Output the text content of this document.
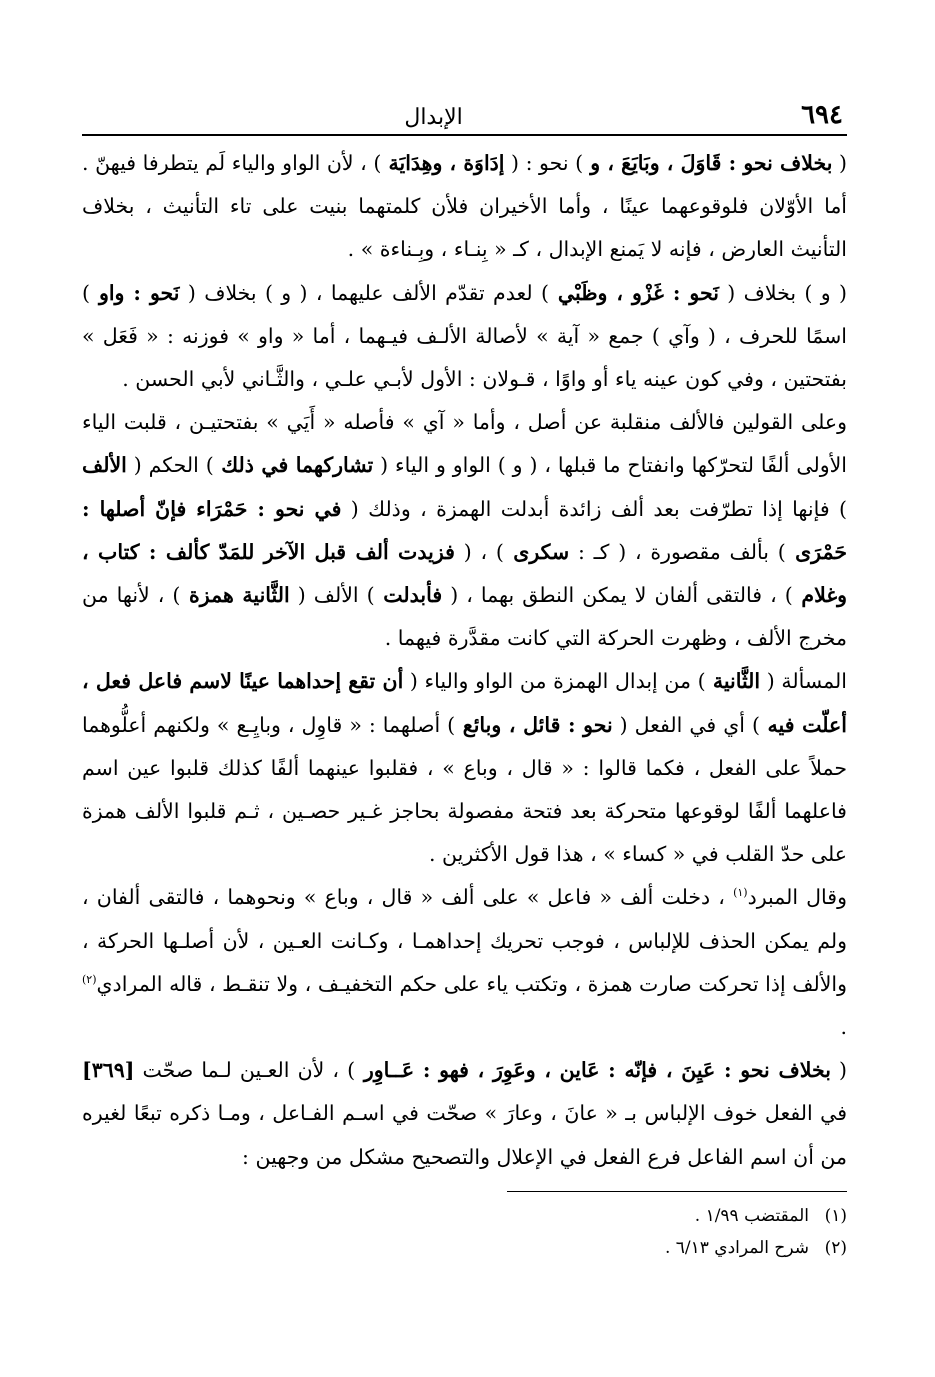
٦٩٤
الإبدال

( بخلاف نحو : قَاوَلَ ، وبَايَعَ ، و ) نحو : ( إدَاوَة ، وهِدَايَة ) ، لأن الواو والياء لَم يتطرفا فيهنّ . أما الأوّلان فلوقوعهما عينًا ، وأما الأخيران فلأن كلمتهما بنيت على تاء التأنيث ، بخلاف التأنيث العارض ، فإنه لا يَمنع الإبدال ، كـ « بِنـاء ، وبِـناءة » .

( و ) بخلاف ( نَحو : غَزْو ، وظَبْي ) لعدم تقدّم الألف عليهما ، ( و ) بخلاف ( نَحو : واو ) اسمًا للحرف ، ( وآي ) جمع « آية » لأصالة الألـف فيـهما ، أما « واو » فوزنه : « فَعَل » بفتحتين ، وفي كون عينه ياء أو واوًا ، قـولان : الأول لأبـي علـي ، والثَّـاني لأبي الحسن .

وعلى القولين فالألف منقلبة عن أصل ، وأما « آي » فأصله « أَيَي » بفتحتيـن ، قلبت الياء الأولى ألفًا لتحرّكها وانفتاح ما قبلها ، ( و ) الواو و الياء ( تشاركهما في ذلك ) الحكم ( الألف ) فإنها إذا تطرّفت بعد ألف زائدة أبدلت الهمزة ، وذلك ( في نحو : حَمْرَاء فإنّ أصلها : حَمْرَى ) بألف مقصورة ، ( كـ : سكرى ) ، ( فزيدت ألف قبل الآخر للمَدّ كألف : كتاب ، وغلام ) ، فالتقى ألفان لا يمكن النطق بهما ، ( فأبدلت ) الألف ( الثَّانية همزة ) ، لأنها من مخرج الألف ، وظهرت الحركة التي كانت مقدَّرة فيهما .

المسألة ( الثَّانية ) من إبدال الهمزة من الواو والياء ( أن تقع إحداهما عينًا لاسم فاعل فعل ، أعلّت فيه ) أي في الفعل ( نحو : قائل ، وبائع ) أصلهما : « قاوِل ، وبايِـع » ولكنهم أعلُّوهما حملاً على الفعل ، فكما قالوا : « قال ، وباع » ، فقلبوا عينهما ألفًا كذلك قلبوا عين اسم فاعلهما ألفًا لوقوعها متحركة بعد فتحة مفصولة بحاجز غـير حصـين ، ثـم قلبوا الألف همزة على حدّ القلب في « كساء » ، هذا قول الأكثرين .

وقال المبرد$^{(١)}$ ، دخلت ألف « فاعل » على ألف « قال ، وباع » ونحوهما ، فالتقى ألفان ، ولم يمكن الحذف للإلباس ، فوجب تحريك إحداهمـا ، وكـانت العـين ، لأن أصلـها الحركة ، والألف إذا تحركت صارت همزة ، وتكتب ياء على حكم التخفيـف ، ولا تنقـط ، قاله المرادي$^{(٢)}$ .

( بخلاف نحو : عَيِنَ ، فإنّه : عَاين ، وعَوِرَ ، فهو : عَــاوِر ) ، لأن العـين لـما صحّت [٣٦٩] في الفعل خوف الإلباس بـ « عانَ ، وعارَ » صحّت في اسـم الفـاعل ، ومـا ذكره تبعًا لغيره من أن اسم الفاعل فرع الفعل في الإعلال والتصحيح مشكل من وجهين :

(١)المقتضب ١/٩٩ .
(٢)شرح المرادي ٦/١٣ .
